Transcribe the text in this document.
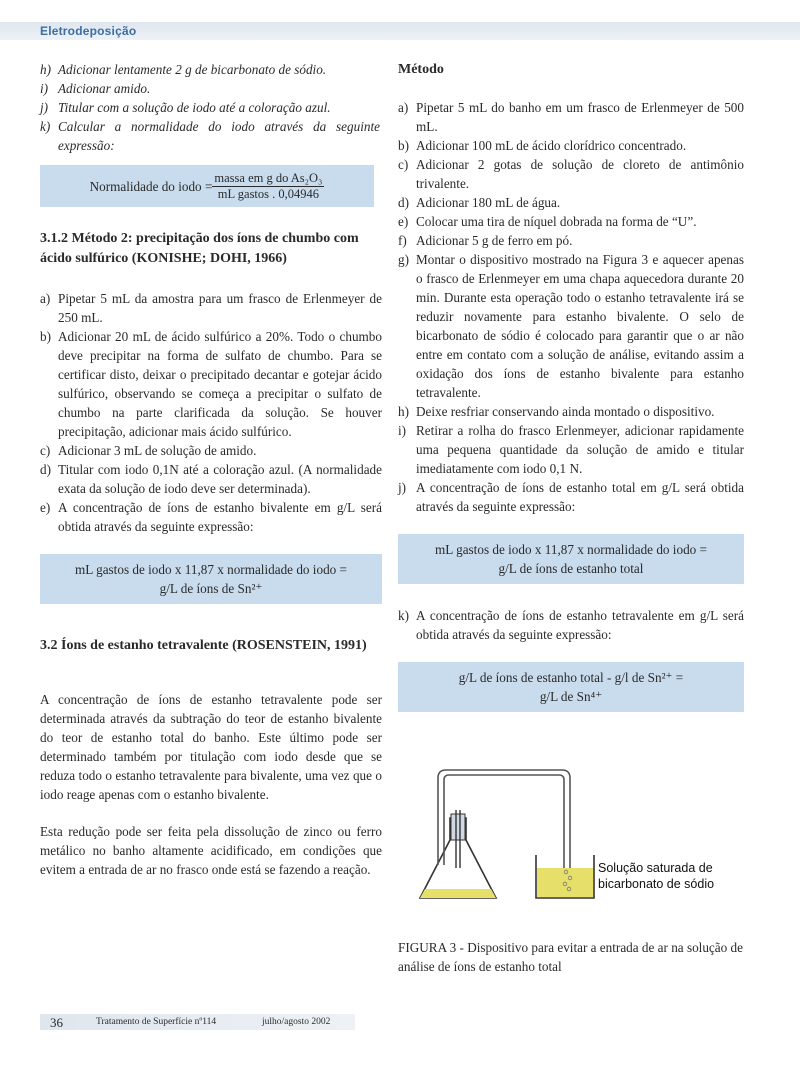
Eletrodeposição

h) Adicionar lentamente 2 g de bicarbonato de sódio.

i) Adicionar amido.

j) Titular com a solução de iodo até a coloração azul.

k) Calcular a normalidade do iodo através da seguinte expressão:

Normalidade do iodo = $\frac{\text{massa em g do As₂O₃}}{\text{mL gastos . 0,04946}}$

3.1.2 Método 2: precipitação dos íons de chumbo com ácido sulfúrico (KONISHE; DOHI, 1966)

a) Pipetar 5 mL da amostra para um frasco de Erlenmeyer de 250 mL.

b) Adicionar 20 mL de ácido sulfúrico a 20%. Todo o chumbo deve precipitar na forma de sulfato de chumbo. Para se certificar disto, deixar o precipitado decantar e gotejar ácido sulfúrico, observando se começa a precipitar o sulfato de chumbo na parte clarificada da solução. Se houver precipitação, adicionar mais ácido sulfúrico.

c) Adicionar 3 mL de solução de amido.

d) Titular com iodo 0,1N até a coloração azul. (A normalidade exata da solução de iodo deve ser determinada).

e) A concentração de íons de estanho bivalente em g/L será obtida através da seguinte expressão:

mL gastos de iodo x 11,87 x normalidade do iodo =
g/L de íons de Sn²⁺

3.2 Íons de estanho tetravalente (ROSENSTEIN, 1991)

A concentração de íons de estanho tetravalente pode ser determinada através da subtração do teor de estanho bivalente do teor de estanho total do banho. Este último pode ser determinado também por titulação com iodo desde que se reduza todo o estanho tetravalente para bivalente, uma vez que o iodo reage apenas com o estanho bivalente.

Esta redução pode ser feita pela dissolução de zinco ou ferro metálico no banho altamente acidificado, em condições que evitem a entrada de ar no frasco onde está se fazendo a reação.

Método

a) Pipetar 5 mL do banho em um frasco de Erlenmeyer de 500 mL.

b) Adicionar 100 mL de ácido clorídrico concentrado.

c) Adicionar 2 gotas de solução de cloreto de antimônio trivalente.

d) Adicionar 180 mL de água.

e) Colocar uma tira de níquel dobrada na forma de “U”.

f) Adicionar 5 g de ferro em pó.

g) Montar o dispositivo mostrado na Figura 3 e aquecer apenas o frasco de Erlenmeyer em uma chapa aquecedora durante 20 min. Durante esta operação todo o estanho tetravalente irá se reduzir novamente para estanho bivalente. O selo de bicarbonato de sódio é colocado para garantir que o ar não entre em contato com a solução de análise, evitando assim a oxidação dos íons de estanho bivalente para estanho tetravalente.

h) Deixe resfriar conservando ainda montado o dispositivo.

i) Retirar a rolha do frasco Erlenmeyer, adicionar rapidamente uma pequena quantidade da solução de amido e titular imediatamente com iodo 0,1 N.

j) A concentração de íons de estanho total em g/L será obtida através da seguinte expressão:

mL gastos de iodo x 11,87 x normalidade do iodo =
g/L de íons de estanho total

k) A concentração de íons de estanho tetravalente em g/L será obtida através da seguinte expressão:

g/L de íons de estanho total - g/l de Sn²⁺ =
g/L de Sn⁴⁺
Solução saturada de bicarbonato de sódio
FIGURA 3 - Dispositivo para evitar a entrada de ar na solução de análise de íons de estanho total
36	Tratamento de Superfície nº114	julho/agosto 2002
